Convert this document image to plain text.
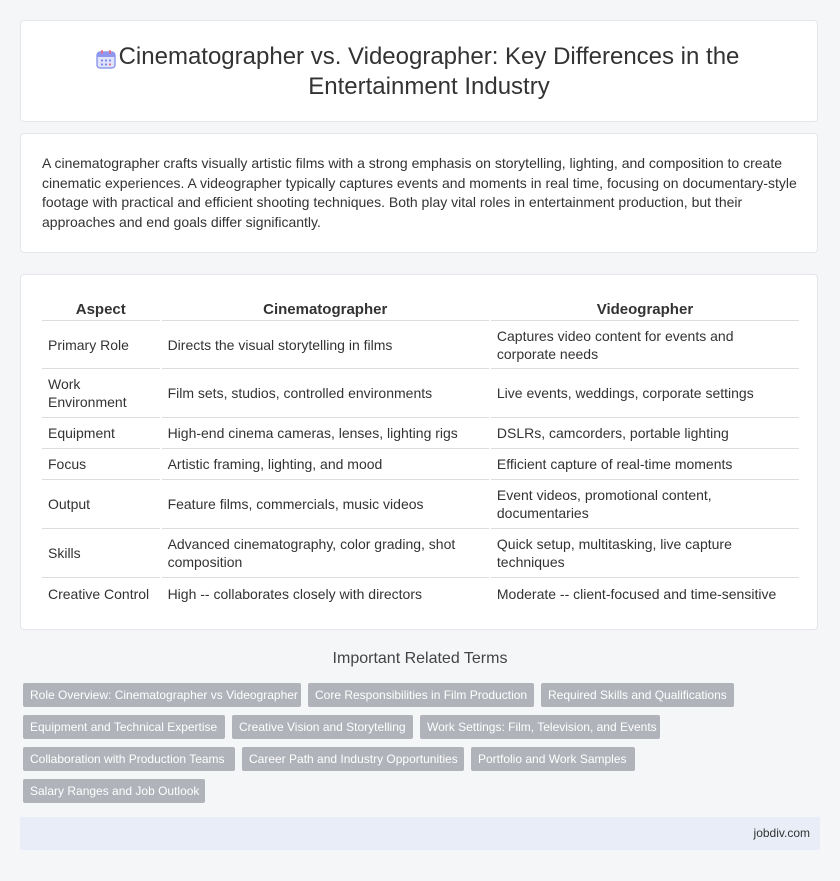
Cinematographer vs. Videographer: Key Differences in the Entertainment Industry

A cinematographer crafts visually artistic films with a strong emphasis on storytelling, lighting, and composition to create cinematic experiences. A videographer typically captures events and moments in real time, focusing on documentary-style footage with practical and efficient shooting techniques. Both play vital roles in entertainment production, but their approaches and end goals differ significantly.

Aspect		Cinematographer		Videographer
Primary Role		Directs the visual storytelling in films		Captures video content for events and corporate needs
Work Environment		Film sets, studios, controlled environments		Live events, weddings, corporate settings
Equipment		High-end cinema cameras, lenses, lighting rigs		DSLRs, camcorders, portable lighting
Focus		Artistic framing, lighting, and mood		Efficient capture of real-time moments
Output		Feature films, commercials, music videos		Event videos, promotional content, documentaries
Skills		Advanced cinematography, color grading, shot composition		Quick setup, multitasking, live capture techniques
Creative Control		High -- collaborates closely with directors		Moderate -- client-focused and time-sensitive
Important Related Terms
Role Overview: Cinematographer vs Videographer	Core Responsibilities in Film Production	Required Skills and Qualifications
Equipment and Technical Expertise	Creative Vision and Storytelling	Work Settings: Film, Television, and Events
Collaboration with Production Teams	Career Path and Industry Opportunities	Portfolio and Work Samples
Salary Ranges and Job Outlook
jobdiv.com
